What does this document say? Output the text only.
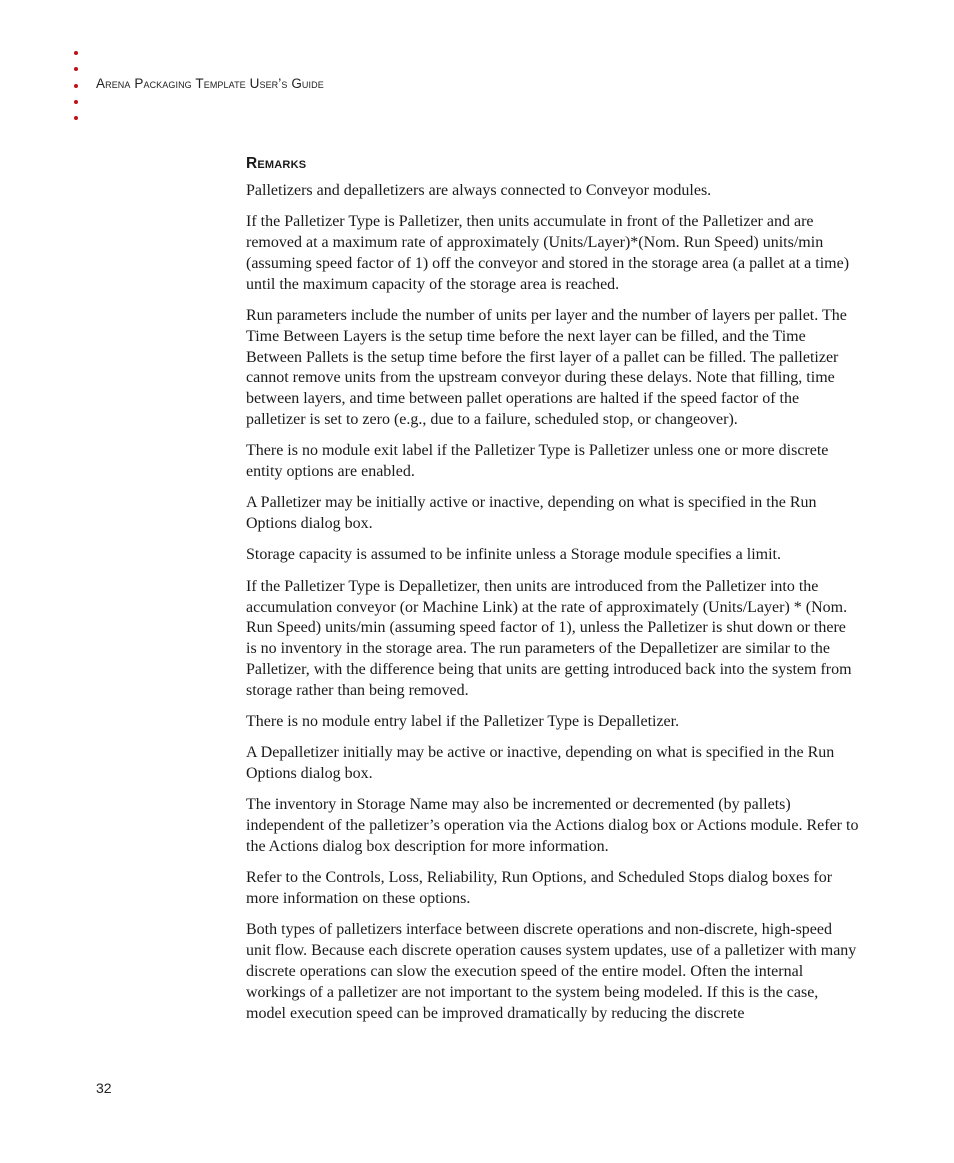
Arena Packaging Template User’s Guide
Remarks

Palletizers and depalletizers are always connected to Conveyor modules.

If the Palletizer Type is Palletizer, then units accumulate in front of the Palletizer and are removed at a maximum rate of approximately (Units/Layer)*(Nom. Run Speed) units/min (assuming speed factor of 1) off the conveyor and stored in the storage area (a pallet at a time) until the maximum capacity of the storage area is reached.

Run parameters include the number of units per layer and the number of layers per pallet. The Time Between Layers is the setup time before the next layer can be filled, and the Time Between Pallets is the setup time before the first layer of a pallet can be filled. The palletizer cannot remove units from the upstream conveyor during these delays. Note that filling, time between layers, and time between pallet operations are halted if the speed factor of the palletizer is set to zero (e.g., due to a failure, scheduled stop, or changeover).

There is no module exit label if the Palletizer Type is Palletizer unless one or more discrete entity options are enabled.

A Palletizer may be initially active or inactive, depending on what is specified in the Run Options dialog box.

Storage capacity is assumed to be infinite unless a Storage module specifies a limit.

If the Palletizer Type is Depalletizer, then units are introduced from the Palletizer into the accumulation conveyor (or Machine Link) at the rate of approximately (Units/Layer) * (Nom. Run Speed) units/min (assuming speed factor of 1), unless the Palletizer is shut down or there is no inventory in the storage area. The run parameters of the Depalletizer are similar to the Palletizer, with the difference being that units are getting introduced back into the system from storage rather than being removed.

There is no module entry label if the Palletizer Type is Depalletizer.

A Depalletizer initially may be active or inactive, depending on what is specified in the Run Options dialog box.

The inventory in Storage Name may also be incremented or decremented (by pallets) independent of the palletizer’s operation via the Actions dialog box or Actions module. Refer to the Actions dialog box description for more information.

Refer to the Controls, Loss, Reliability, Run Options, and Scheduled Stops dialog boxes for more information on these options.

Both types of palletizers interface between discrete operations and non-discrete, high-speed unit flow. Because each discrete operation causes system updates, use of a palletizer with many discrete operations can slow the execution speed of the entire model. Often the internal workings of a palletizer are not important to the system being modeled. If this is the case, model execution speed can be improved dramatically by reducing the discrete

32
